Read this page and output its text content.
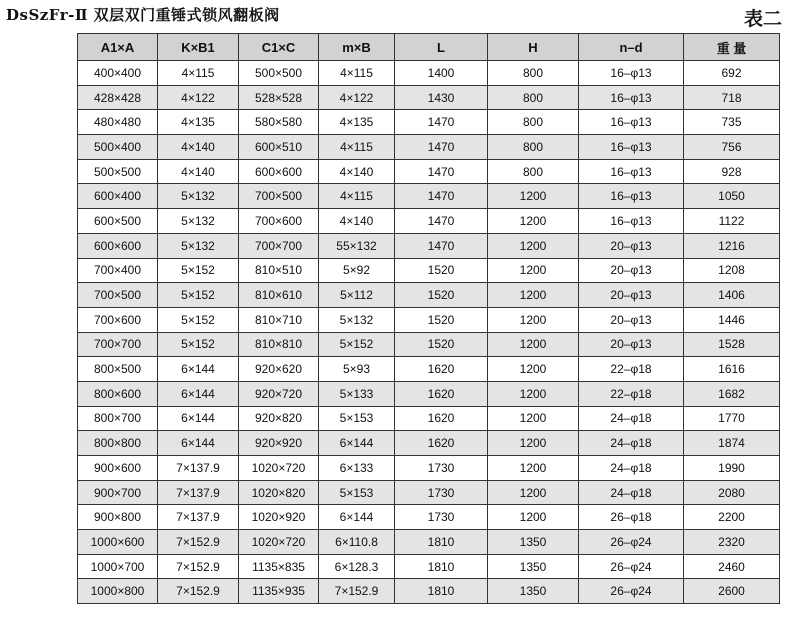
DsSzFr-Ⅱ 双层双门重锤式锁风翻板阀	表二
A1×A	K×B1	C1×C	m×B	L	H	n–d	重 量
400×400	4×115	500×500	4×115	1400	800	16–φ13	692
428×428	4×122	528×528	4×122	1430	800	16–φ13	718
480×480	4×135	580×580	4×135	1470	800	16–φ13	735
500×400	4×140	600×510	4×115	1470	800	16–φ13	756
500×500	4×140	600×600	4×140	1470	800	16–φ13	928
600×400	5×132	700×500	4×115	1470	1200	16–φ13	1050
600×500	5×132	700×600	4×140	1470	1200	16–φ13	1122
600×600	5×132	700×700	55×132	1470	1200	20–φ13	1216
700×400	5×152	810×510	5×92	1520	1200	20–φ13	1208
700×500	5×152	810×610	5×112	1520	1200	20–φ13	1406
700×600	5×152	810×710	5×132	1520	1200	20–φ13	1446
700×700	5×152	810×810	5×152	1520	1200	20–φ13	1528
800×500	6×144	920×620	5×93	1620	1200	22–φ18	1616
800×600	6×144	920×720	5×133	1620	1200	22–φ18	1682
800×700	6×144	920×820	5×153	1620	1200	24–φ18	1770
800×800	6×144	920×920	6×144	1620	1200	24–φ18	1874
900×600	7×137.9	1020×720	6×133	1730	1200	24–φ18	1990
900×700	7×137.9	1020×820	5×153	1730	1200	24–φ18	2080
900×800	7×137.9	1020×920	6×144	1730	1200	26–φ18	2200
1000×600	7×152.9	1020×720	6×110.8	1810	1350	26–φ24	2320
1000×700	7×152.9	1135×835	6×128.3	1810	1350	26–φ24	2460
1000×800	7×152.9	1135×935	7×152.9	1810	1350	26–φ24	2600
